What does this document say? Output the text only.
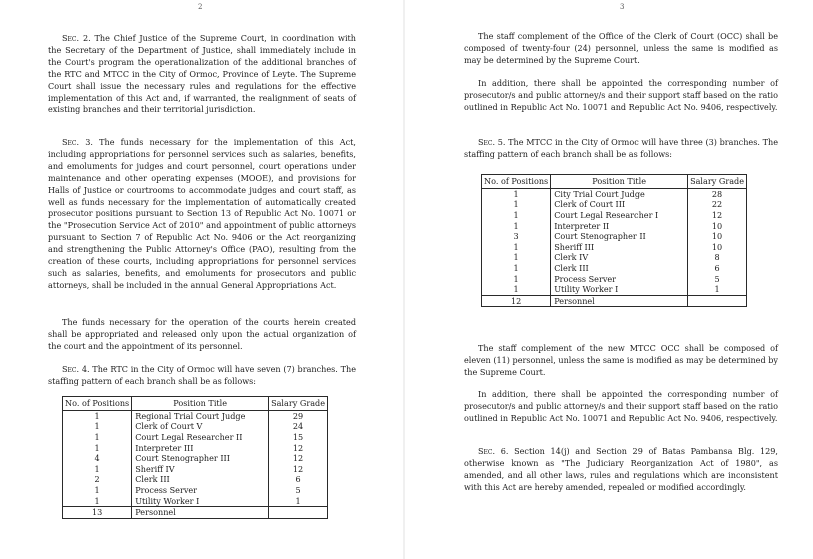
2

Sec. 2. The Chief Justice of the Supreme Court, in coordination with the Secretary of the Department of Justice, shall immediately include in the Court's program the operationalization of the additional branches of the RTC and MTCC in the City of Ormoc, Province of Leyte. The Supreme Court shall issue the necessary rules and regulations for the effective implementation of this Act and, if warranted, the realignment of seats of existing branches and their territorial jurisdiction.

Sec. 3. The funds necessary for the implementation of this Act, including appropriations for personnel services such as salaries, benefits, and emoluments for judges and court personnel, court operations under maintenance and other operating expenses (MOOE), and provisions for Halls of Justice or courtrooms to accommodate judges and court staff, as well as funds necessary for the implementation of automatically created prosecutor positions pursuant to Section 13 of Republic Act No. 10071 or the "Prosecution Service Act of 2010" and appointment of public attorneys pursuant to Section 7 of Republic Act No. 9406 or the Act reorganizing and strengthening the Public Attorney's Office (PAO), resulting from the creation of these courts, including appropriations for personnel services such as salaries, benefits, and emoluments for prosecutors and public attorneys, shall be included in the annual General Appropriations Act.

The funds necessary for the operation of the courts herein created shall be appropriated and released only upon the actual organization of the court and the appointment of its personnel.

Sec. 4. The RTC in the City of Ormoc will have seven (7) branches. The staffing pattern of each branch shall be as follows:

No. of Positions	Position Title	Salary Grade
1	Regional Trial Court Judge	29
1	Clerk of Court V	24
1	Court Legal Researcher II	15
1	Interpreter III	12
4	Court Stenographer III	12
1	Sheriff IV	12
2	Clerk III	6
1	Process Server	5
1	Utility Worker I	1
13	Personnel	
3

The staff complement of the Office of the Clerk of Court (OCC) shall be composed of twenty-four (24) personnel, unless the same is modified as may be determined by the Supreme Court.

In addition, there shall be appointed the corresponding number of prosecutor/s and public attorney/s and their support staff based on the ratio outlined in Republic Act No. 10071 and Republic Act No. 9406, respectively.

Sec. 5. The MTCC in the City of Ormoc will have three (3) branches. The staffing pattern of each branch shall be as follows:

No. of Positions	Position Title	Salary Grade
1	City Trial Court Judge	28
1	Clerk of Court III	22
1	Court Legal Researcher I	12
1	Interpreter II	10
3	Court Stenographer II	10
1	Sheriff III	10
1	Clerk IV	8
1	Clerk III	6
1	Process Server	5
1	Utility Worker I	1
12	Personnel	

The staff complement of the new MTCC OCC shall be composed of eleven (11) personnel, unless the same is modified as may be determined by the Supreme Court.

In addition, there shall be appointed the corresponding number of prosecutor/s and public attorney/s and their support staff based on the ratio outlined in Republic Act No. 10071 and Republic Act No. 9406, respectively.

Sec. 6. Section 14(j) and Section 29 of Batas Pambansa Blg. 129, otherwise known as "The Judiciary Reorganization Act of 1980", as amended, and all other laws, rules and regulations which are inconsistent with this Act are hereby amended, repealed or modified accordingly.
